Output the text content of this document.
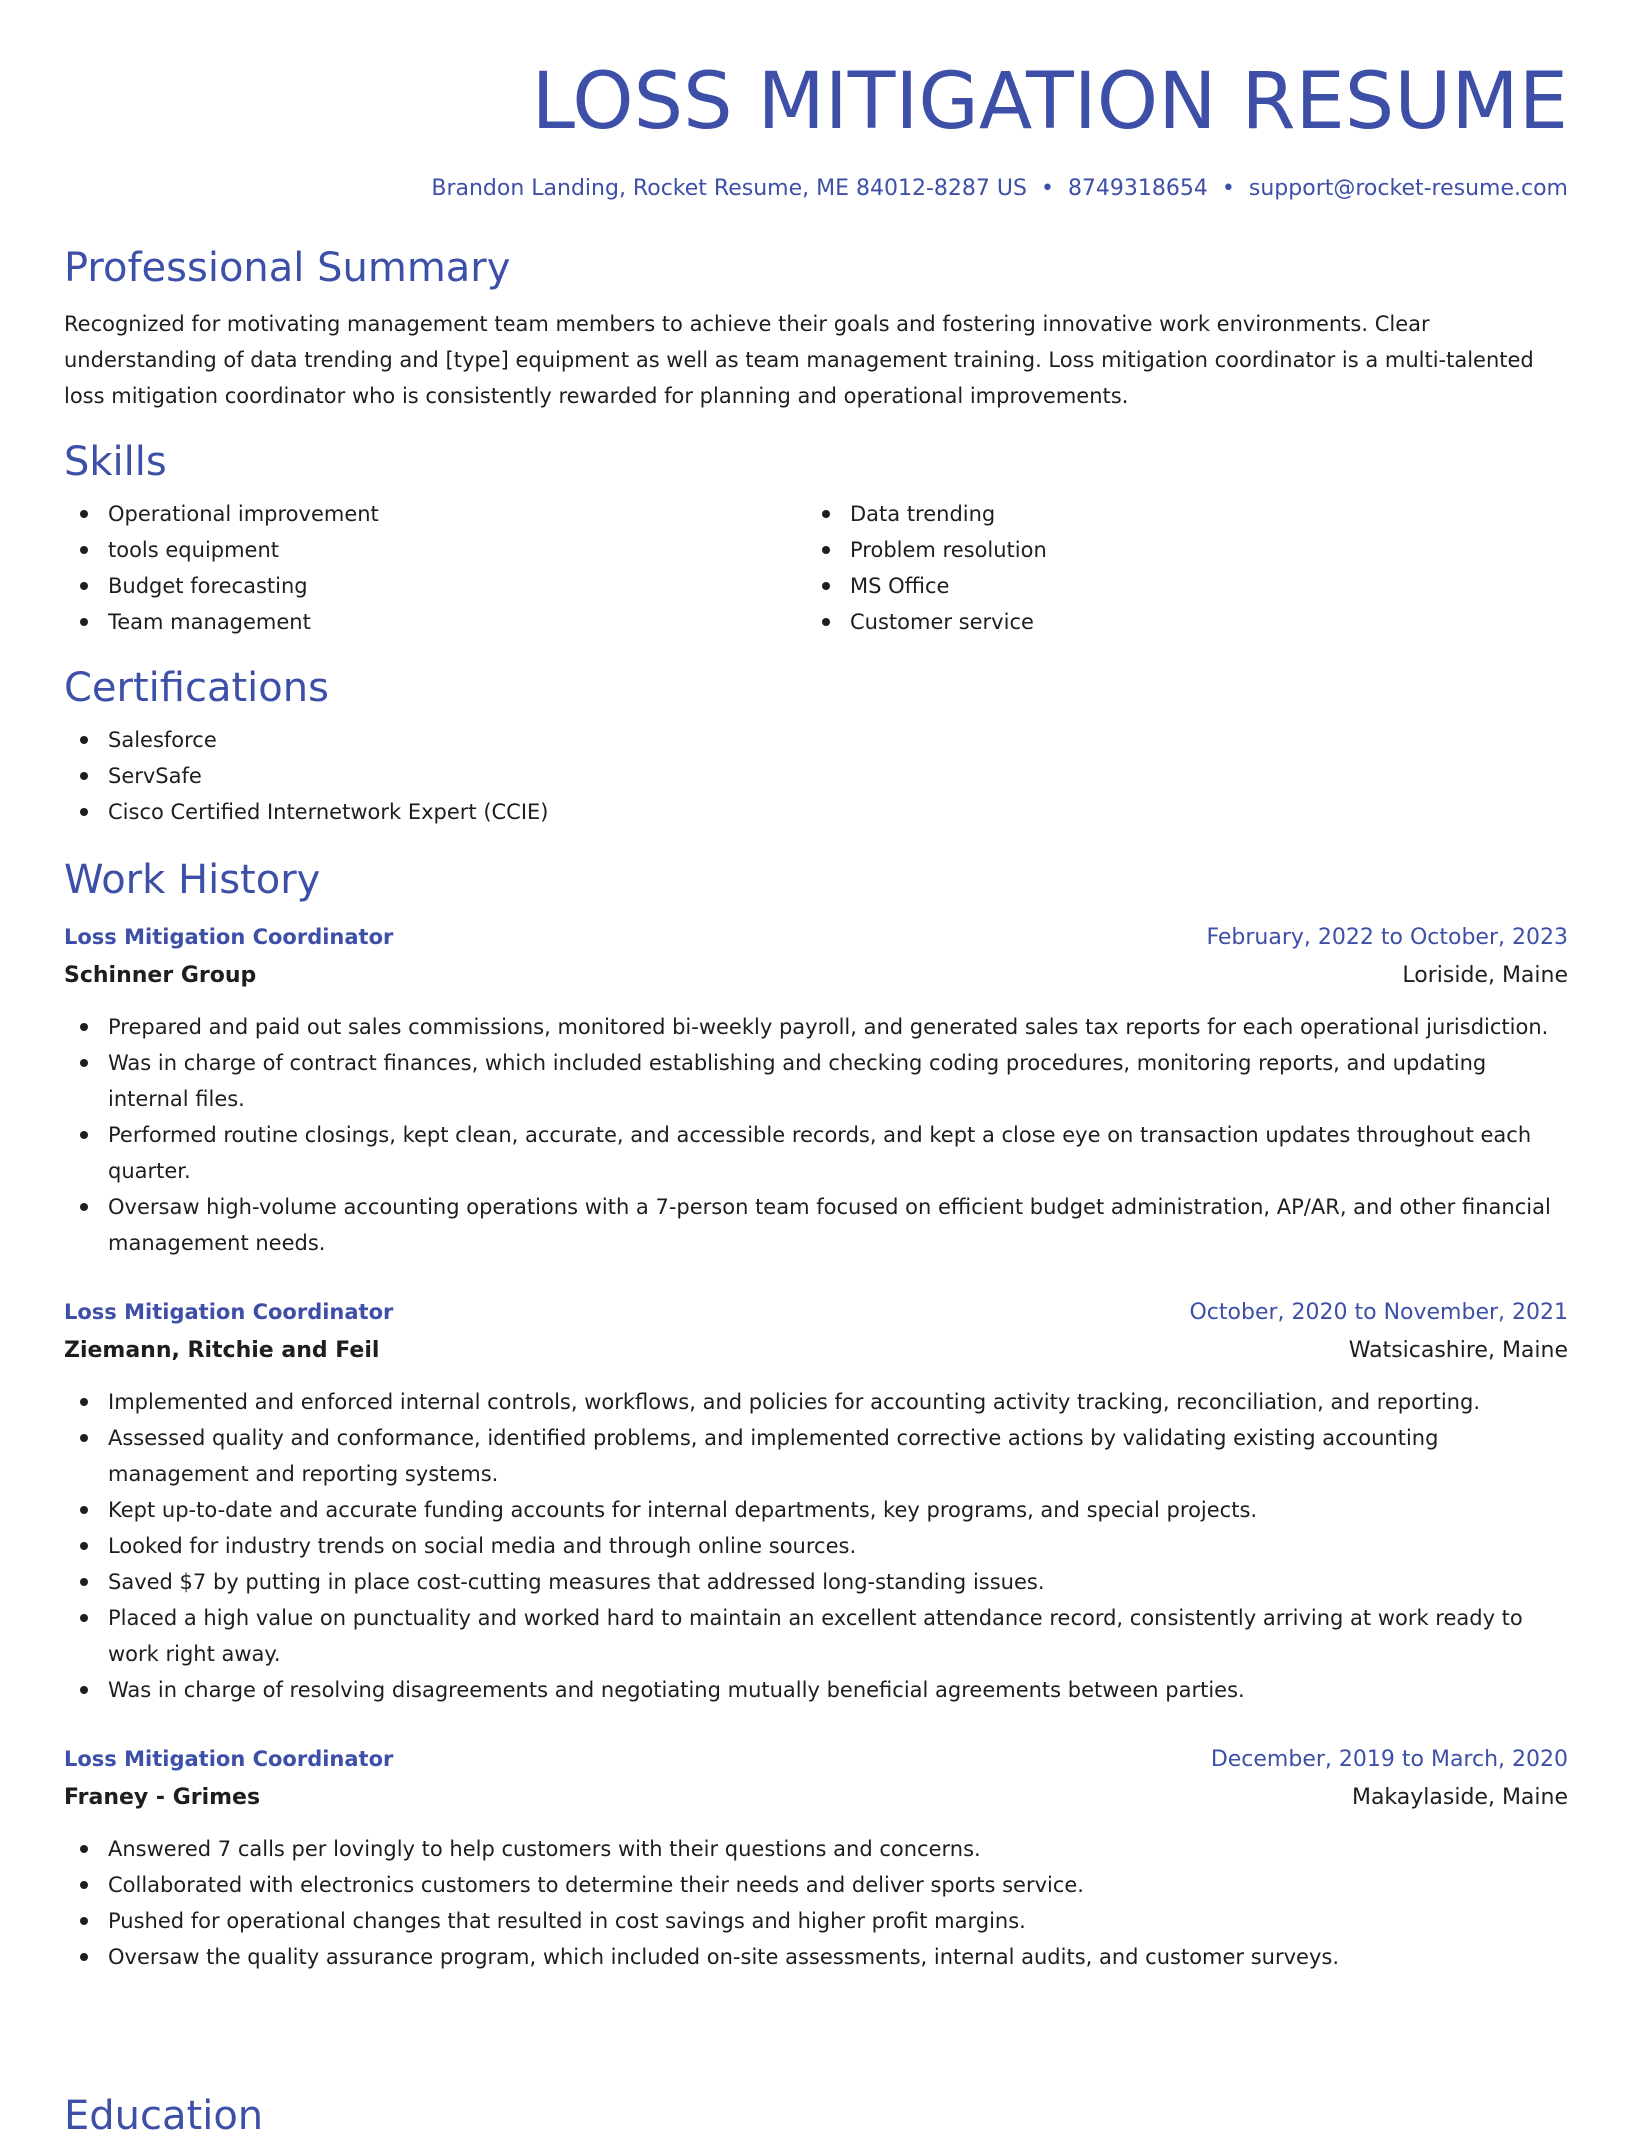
LOSS MITIGATION RESUME
Brandon Landing, Rocket Resume, ME 84012-8287 US • 8749318654 • support@rocket-resume.com
Professional Summary
Recognized for motivating management team members to achieve their goals and fostering innovative work environments. Clear understanding of data trending and [type] equipment as well as team management training. Loss mitigation coordinator is a multi-talented loss mitigation coordinator who is consistently rewarded for planning and operational improvements.
Skills
Operational improvement
tools equipment
Budget forecasting
Team management
Data trending
Problem resolution
MS Office
Customer service
Certifications
Salesforce
ServSafe
Cisco Certified Internetwork Expert (CCIE)
Work History
Loss Mitigation Coordinator	February, 2022 to October, 2023
Schinner Group	Loriside, Maine
Prepared and paid out sales commissions, monitored bi-weekly payroll, and generated sales tax reports for each operational jurisdiction.
Was in charge of contract finances, which included establishing and checking coding procedures, monitoring reports, and updating internal files.
Performed routine closings, kept clean, accurate, and accessible records, and kept a close eye on transaction updates throughout each quarter.
Oversaw high-volume accounting operations with a 7-person team focused on efficient budget administration, AP/AR, and other financial management needs.
Loss Mitigation Coordinator	October, 2020 to November, 2021
Ziemann, Ritchie and Feil	Watsicashire, Maine
Implemented and enforced internal controls, workflows, and policies for accounting activity tracking, reconciliation, and reporting.
Assessed quality and conformance, identified problems, and implemented corrective actions by validating existing accounting management and reporting systems.
Kept up-to-date and accurate funding accounts for internal departments, key programs, and special projects.
Looked for industry trends on social media and through online sources.
Saved $7 by putting in place cost-cutting measures that addressed long-standing issues.
Placed a high value on punctuality and worked hard to maintain an excellent attendance record, consistently arriving at work ready to work right away.
Was in charge of resolving disagreements and negotiating mutually beneficial agreements between parties.
Loss Mitigation Coordinator	December, 2019 to March, 2020
Franey - Grimes	Makaylaside, Maine
Answered 7 calls per lovingly to help customers with their questions and concerns.
Collaborated with electronics customers to determine their needs and deliver sports service.
Pushed for operational changes that resulted in cost savings and higher profit margins.
Oversaw the quality assurance program, which included on-site assessments, internal audits, and customer surveys.
Education
